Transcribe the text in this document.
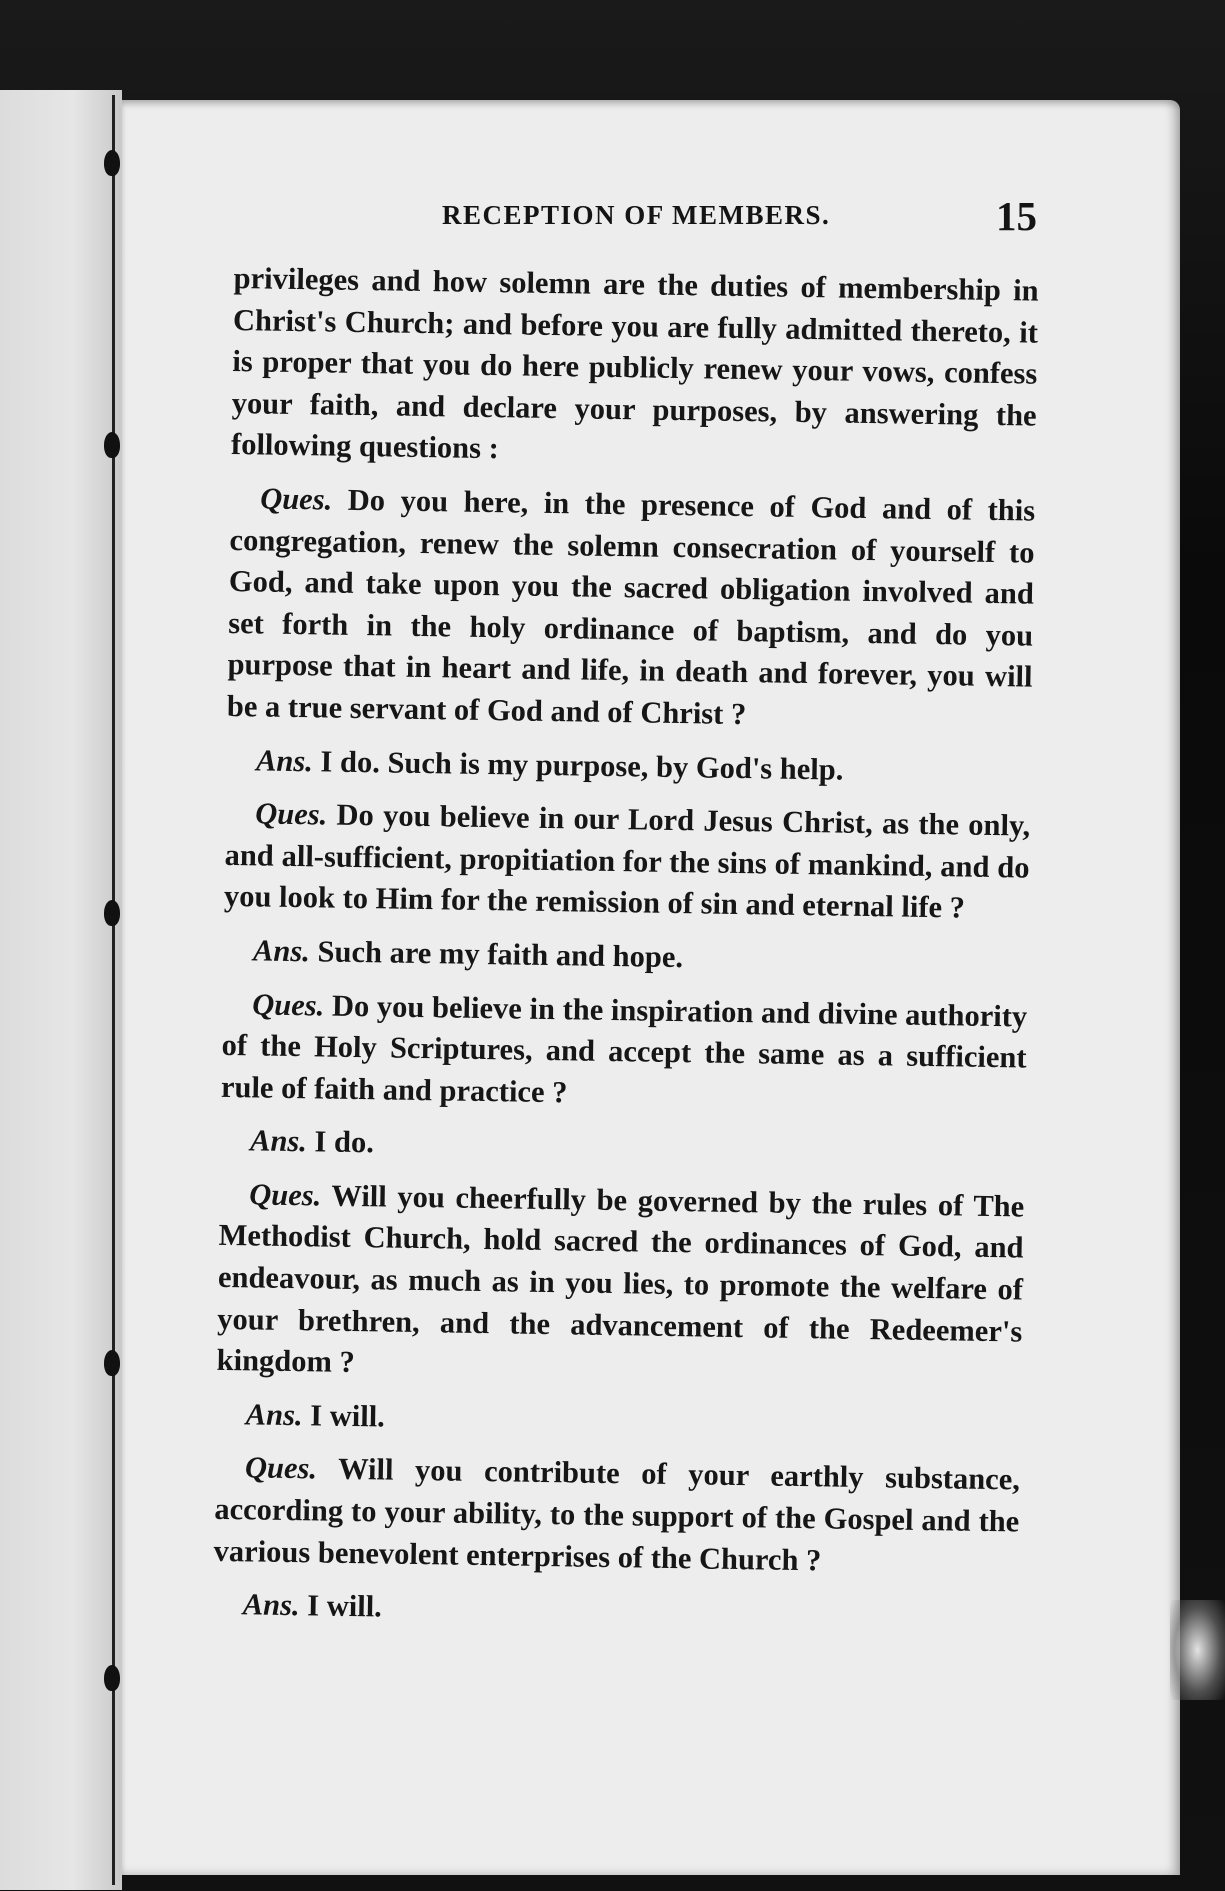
RECEPTION OF MEMBERS.	15

privileges and how solemn are the duties of membership in Christ's Church; and before you are fully admitted thereto, it is proper that you do here publicly renew your vows, confess your faith, and declare your purposes, by answering the following questions :

Ques. Do you here, in the presence of God and of this congregation, renew the solemn consecration of yourself to God, and take upon you the sacred obligation involved and set forth in the holy ordinance of baptism, and do you purpose that in heart and life, in death and forever, you will be a true servant of God and of Christ ?

Ans. I do. Such is my purpose, by God's help.

Ques. Do you believe in our Lord Jesus Christ, as the only, and all-sufficient, propitiation for the sins of mankind, and do you look to Him for the remission of sin and eternal life ?

Ans. Such are my faith and hope.

Ques. Do you believe in the inspiration and divine authority of the Holy Scriptures, and accept the same as a sufficient rule of faith and practice ?

Ans. I do.

Ques. Will you cheerfully be governed by the rules of The Methodist Church, hold sacred the ordinances of God, and endeavour, as much as in you lies, to promote the welfare of your brethren, and the advancement of the Redeemer's kingdom ?

Ans. I will.

Ques. Will you contribute of your earthly substance, according to your ability, to the support of the Gospel and the various benevolent enterprises of the Church ?

Ans. I will.
